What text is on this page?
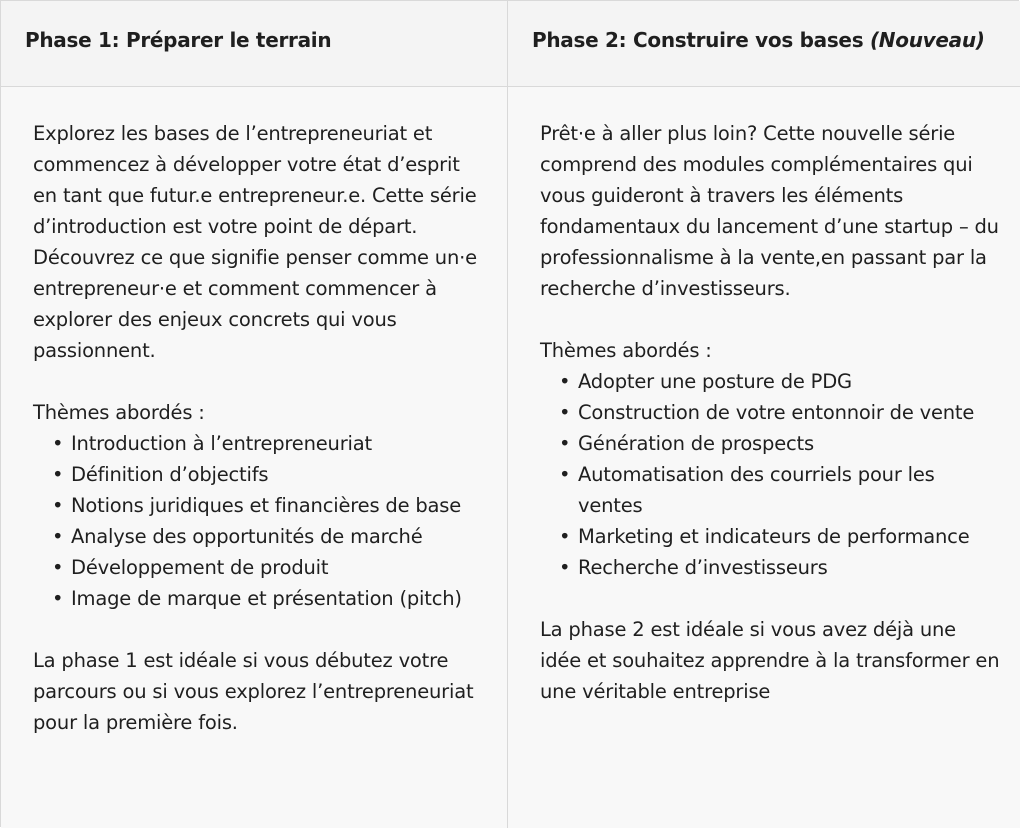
Phase 1: Préparer le terrain	Phase 2: Construire vos bases (Nouveau)

Explorez les bases de l’entrepreneuriat et commencez à développer votre état d’esprit en tant que futur.e entrepreneur.e. Cette série d’introduction est votre point de départ. Découvrez ce que signifie penser comme un·e entrepreneur·e et comment commencer à explorer des enjeux concrets qui vous passionnent.

Thèmes abordés :

• Introduction à l’entrepreneuriat
• Définition d’objectifs
• Notions juridiques et financières de base
• Analyse des opportunités de marché
• Développement de produit
• Image de marque et présentation (pitch)

La phase 1 est idéale si vous débutez votre parcours ou si vous explorez l’entrepreneuriat pour la première fois.

Prêt·e à aller plus loin? Cette nouvelle série comprend des modules complémentaires qui vous guideront à travers les éléments fondamentaux du lancement d’une startup – du professionnalisme à la vente,en passant par la recherche d’investisseurs.

Thèmes abordés :

• Adopter une posture de PDG
• Construction de votre entonnoir de vente
• Génération de prospects
• Automatisation des courriels pour les ventes
• Marketing et indicateurs de performance
• Recherche d’investisseurs

La phase 2 est idéale si vous avez déjà une idée et souhaitez apprendre à la transformer en une véritable entreprise
